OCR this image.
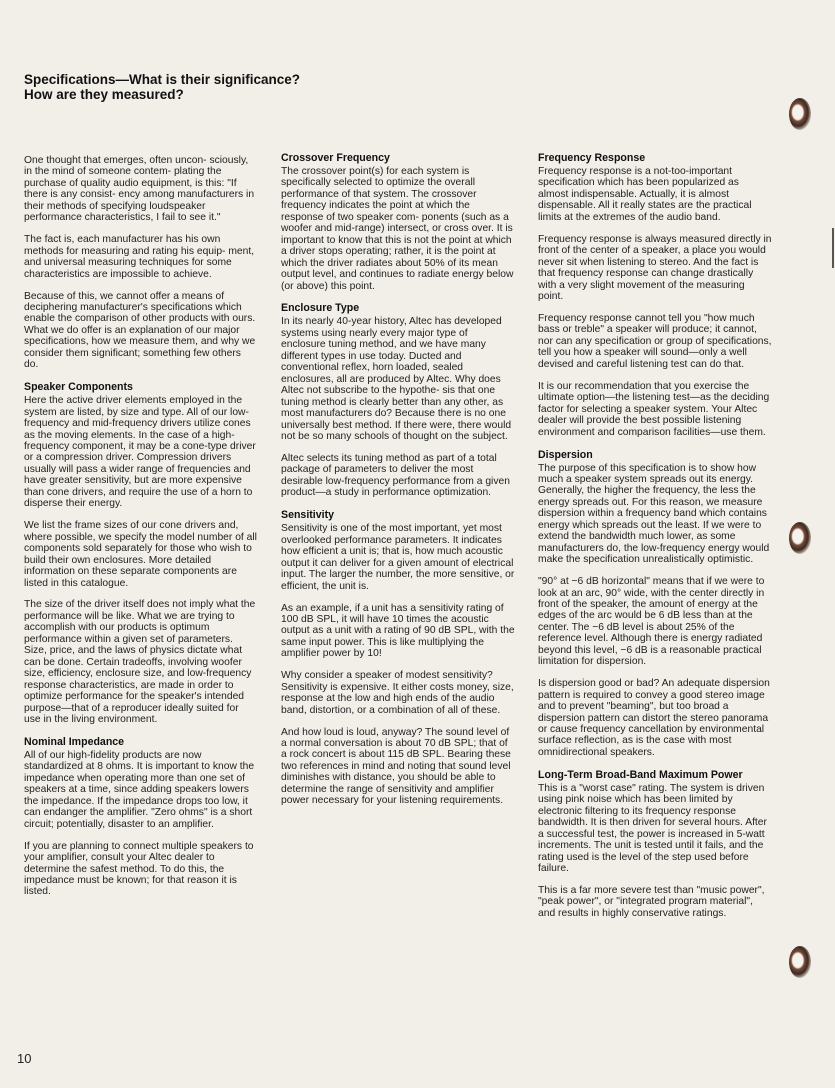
Specifications—What is their significance?
How are they measured?

One thought that emerges, often uncon- sciously, in the mind of someone contem- plating the purchase of quality audio equipment, is this: "If there is any consist- ency among manufacturers in their methods of specifying loudspeaker performance characteristics, I fail to see it."

The fact is, each manufacturer has his own methods for measuring and rating his equip- ment, and universal measuring techniques for some characteristics are impossible to achieve.

Because of this, we cannot offer a means of deciphering manufacturer's specifications which enable the comparison of other products with ours. What we do offer is an explanation of our major specifications, how we measure them, and why we consider them significant; something few others do.

Speaker Components

Here the active driver elements employed in the system are listed, by size and type. All of our low-frequency and mid-frequency drivers utilize cones as the moving elements. In the case of a high-frequency component, it may be a cone-type driver or a compression driver. Compression drivers usually will pass a wider range of frequencies and have greater sensitivity, but are more expensive than cone drivers, and require the use of a horn to disperse their energy.

We list the frame sizes of our cone drivers and, where possible, we specify the model number of all components sold separately for those who wish to build their own enclosures. More detailed information on these separate components are listed in this catalogue.

The size of the driver itself does not imply what the performance will be like. What we are trying to accomplish with our products is optimum performance within a given set of parameters. Size, price, and the laws of physics dictate what can be done. Certain tradeoffs, involving woofer size, efficiency, enclosure size, and low-frequency response characteristics, are made in order to optimize performance for the speaker's intended purpose—that of a reproducer ideally suited for use in the living environment.

Nominal Impedance

All of our high-fidelity products are now standardized at 8 ohms. It is important to know the impedance when operating more than one set of speakers at a time, since adding speakers lowers the impedance. If the impedance drops too low, it can endanger the amplifier. "Zero ohms" is a short circuit; potentially, disaster to an amplifier.

If you are planning to connect multiple speakers to your amplifier, consult your Altec dealer to determine the safest method. To do this, the impedance must be known; for that reason it is listed.

Crossover Frequency

The crossover point(s) for each system is specifically selected to optimize the overall performance of that system. The crossover frequency indicates the point at which the response of two speaker com- ponents (such as a woofer and mid-range) intersect, or cross over. It is important to know that this is not the point at which a driver stops operating; rather, it is the point at which the driver radiates about 50% of its mean output level, and continues to radiate energy below (or above) this point.

Enclosure Type

In its nearly 40-year history, Altec has developed systems using nearly every major type of enclosure tuning method, and we have many different types in use today. Ducted and conventional reflex, horn loaded, sealed enclosures, all are produced by Altec. Why does Altec not subscribe to the hypothe- sis that one tuning method is clearly better than any other, as most manufacturers do? Because there is no one universally best method. If there were, there would not be so many schools of thought on the subject.

Altec selects its tuning method as part of a total package of parameters to deliver the most desirable low-frequency performance from a given product—a study in performance optimization.

Sensitivity

Sensitivity is one of the most important, yet most overlooked performance parameters. It indicates how efficient a unit is; that is, how much acoustic output it can deliver for a given amount of electrical input. The larger the number, the more sensitive, or efficient, the unit is.

As an example, if a unit has a sensitivity rating of 100 dB SPL, it will have 10 times the acoustic output as a unit with a rating of 90 dB SPL, with the same input power. This is like multiplying the amplifier power by 10!

Why consider a speaker of modest sensitivity? Sensitivity is expensive. It either costs money, size, response at the low and high ends of the audio band, distortion, or a combination of all of these.

And how loud is loud, anyway? The sound level of a normal conversation is about 70 dB SPL; that of a rock concert is about 115 dB SPL. Bearing these two references in mind and noting that sound level diminishes with distance, you should be able to determine the range of sensitivity and amplifier power necessary for your listening requirements.

Frequency Response

Frequency response is a not-too-important specification which has been popularized as almost indispensable. Actually, it is almost dispensable. All it really states are the practical limits at the extremes of the audio band.

Frequency response is always measured directly in front of the center of a speaker, a place you would never sit when listening to stereo. And the fact is that frequency response can change drastically with a very slight movement of the measuring point.

Frequency response cannot tell you "how much bass or treble" a speaker will produce; it cannot, nor can any specification or group of specifications, tell you how a speaker will sound—only a well devised and careful listening test can do that.

It is our recommendation that you exercise the ultimate option—the listening test—as the deciding factor for selecting a speaker system. Your Altec dealer will provide the best possible listening environment and comparison facilities—use them.

Dispersion

The purpose of this specification is to show how much a speaker system spreads out its energy. Generally, the higher the frequency, the less the energy spreads out. For this reason, we measure dispersion within a frequency band which contains energy which spreads out the least. If we were to extend the bandwidth much lower, as some manufacturers do, the low-frequency energy would make the specification unrealistically optimistic.

"90° at −6 dB horizontal" means that if we were to look at an arc, 90° wide, with the center directly in front of the speaker, the amount of energy at the edges of the arc would be 6 dB less than at the center. The −6 dB level is about 25% of the reference level. Although there is energy radiated beyond this level, −6 dB is a reasonable practical limitation for dispersion.

Is dispersion good or bad? An adequate dispersion pattern is required to convey a good stereo image and to prevent "beaming", but too broad a dispersion pattern can distort the stereo panorama or cause frequency cancellation by environmental surface reflection, as is the case with most omnidirectional speakers.

Long-Term Broad-Band Maximum Power

This is a "worst case" rating. The system is driven using pink noise which has been limited by electronic filtering to its frequency response bandwidth. It is then driven for several hours. After a successful test, the power is increased in 5-watt increments. The unit is tested until it fails, and the rating used is the level of the step used before failure.

This is a far more severe test than "music power", "peak power", or "integrated program material", and results in highly conservative ratings.

10
